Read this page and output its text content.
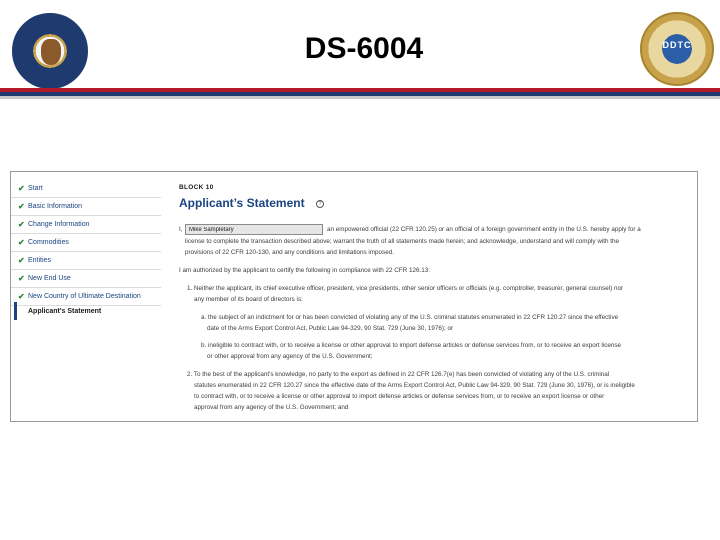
DDTC
DS-6004
✔ Start
✔ Basic Information
✔ Change Information
✔ Commodities
✔ Entities
✔ New End Use
✔ New Country of Ultimate Destination
Applicant's Statement
BLOCK 10
Applicant’s Statement	?
I,
Mike Sampletary	an empowered official (22 CFR 120.25) or an official of a foreign government entity in the U.S. hereby apply for a
license to complete the transaction described above; warrant the truth of all statements made herein; and acknowledge, understand and will comply with the
provisions of 22 CFR 120-130, and any conditions and limitations imposed.
I am authorized by the applicant to certify the following in compliance with 22 CFR 126.13:
1. Neither the applicant, its chief executive officer, president, vice presidents, other senior officers or officials (e.g. comptroller, treasurer, general counsel) nor
any member of its board of directors is:
a. the subject of an indictment for or has been convicted of violating any of the U.S. criminal statutes enumerated in 22 CFR 120.27 since the effective
date of the Arms Export Control Act, Public Law 94-329, 90 Stat. 729 (June 30, 1976); or
b. ineligible to contract with, or to receive a license or other approval to import defense articles or defense services from, or to receive an export license
or other approval from any agency of the U.S. Government;
2. To the best of the applicant's knowledge, no party to the export as defined in 22 CFR 126.7(e) has been convicted of violating any of the U.S. criminal
statutes enumerated in 22 CFR 120.27 since the effective date of the Arms Export Control Act, Public Law 94-329, 90 Stat. 729 (June 30, 1976), or is ineligible
to contract with, or to receive a license or other approval to import defense articles or defense services from, or to receive an export license or other
approval from any agency of the U.S. Government; and
